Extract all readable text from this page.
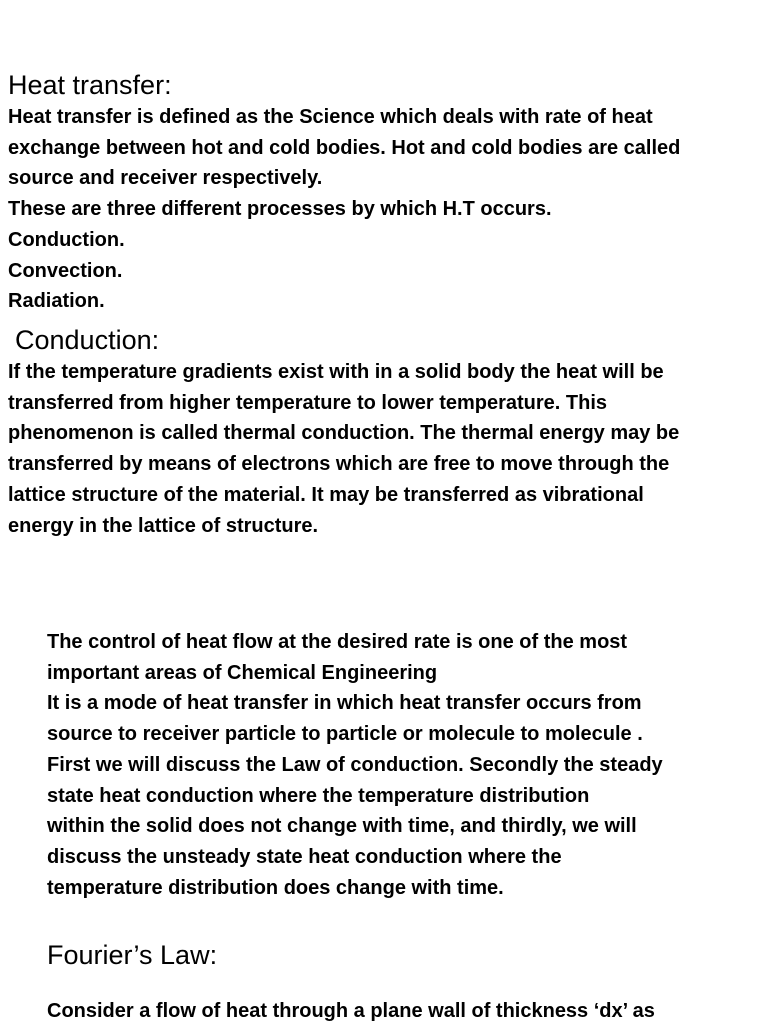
Heat transfer:

Heat transfer is defined as the Science which deals with rate of heat

exchange between hot and cold bodies. Hot and cold bodies are called

source and receiver respectively.

These are three different processes by which H.T occurs.

Conduction.

Convection.

Radiation.

Conduction:

If the temperature gradients exist with in a solid body the heat will be

transferred from higher temperature to lower temperature. This

phenomenon is called thermal conduction. The thermal energy may be

transferred by means of electrons which are free to move through the

lattice structure of the material. It may be transferred as vibrational

energy in the lattice of structure.

The control of heat flow at the desired rate is one of the most

important areas of Chemical Engineering

It is a mode of heat transfer in which heat transfer occurs from

source to receiver particle to particle or molecule to molecule .

First we will discuss the Law of conduction. Secondly the steady

state heat conduction where the temperature distribution

within the solid does not change with time, and thirdly, we will

discuss the unsteady state heat conduction where the

temperature distribution does change with time.

Fourier’s Law:

Consider a flow of heat through a plane wall of thickness ‘dx’ as
